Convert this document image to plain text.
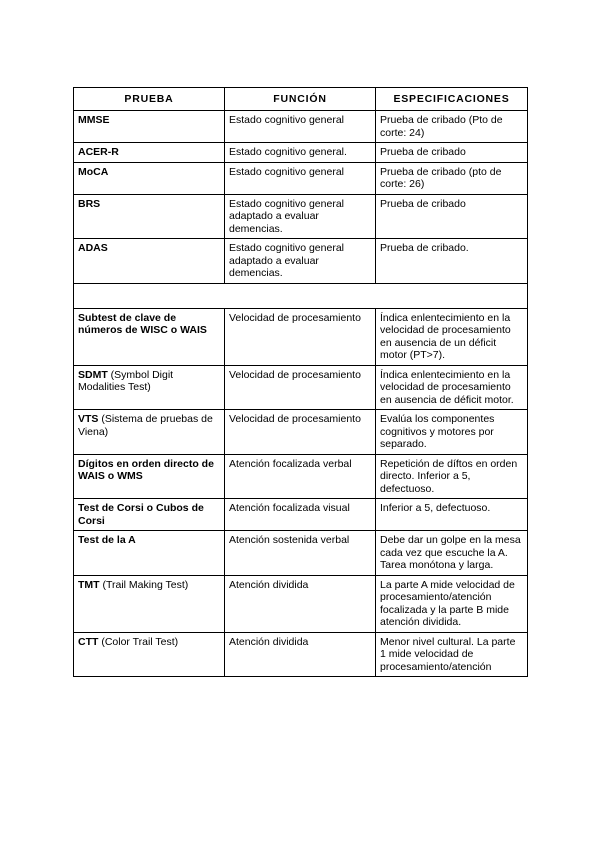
PRUEBA	FUNCIÓN	ESPECIFICACIONES
MMSE	Estado cognitivo general	Prueba de cribado (Pto de corte: 24)
ACER-R	Estado cognitivo general.	Prueba de cribado
MoCA	Estado cognitivo general	Prueba de cribado (pto de corte: 26)
BRS	Estado cognitivo general adaptado a evaluar demencias.	Prueba de cribado
ADAS	Estado cognitivo general adaptado a evaluar demencias.	Prueba de cribado.

Subtest de clave de números de WISC o WAIS	Velocidad de procesamiento	Índica enlentecimiento en la velocidad de procesamiento en ausencia de un déficit motor (PT>7).
SDMT (Symbol Digit Modalities Test)	Velocidad de procesamiento	Índica enlentecimiento en la velocidad de procesamiento en ausencia de déficit motor.
VTS (Sistema de pruebas de Viena)	Velocidad de procesamiento	Evalúa los componentes cognitivos y motores por separado.
Dígitos en orden directo de WAIS o WMS	Atención focalizada verbal	Repetición de díftos en orden directo. Inferior a 5, defectuoso.
Test de Corsi o Cubos de Corsi	Atención focalizada visual	Inferior a 5, defectuoso.
Test de la A	Atención sostenida verbal	Debe dar un golpe en la mesa cada vez que escuche la A. Tarea monótona y larga.
TMT (Trail Making Test)	Atención dividida	La parte A mide velocidad de procesamiento/atención focalizada y la parte B mide atención dividida.
CTT (Color Trail Test)	Atención dividida	Menor nivel cultural. La parte 1 mide velocidad de procesamiento/atención
